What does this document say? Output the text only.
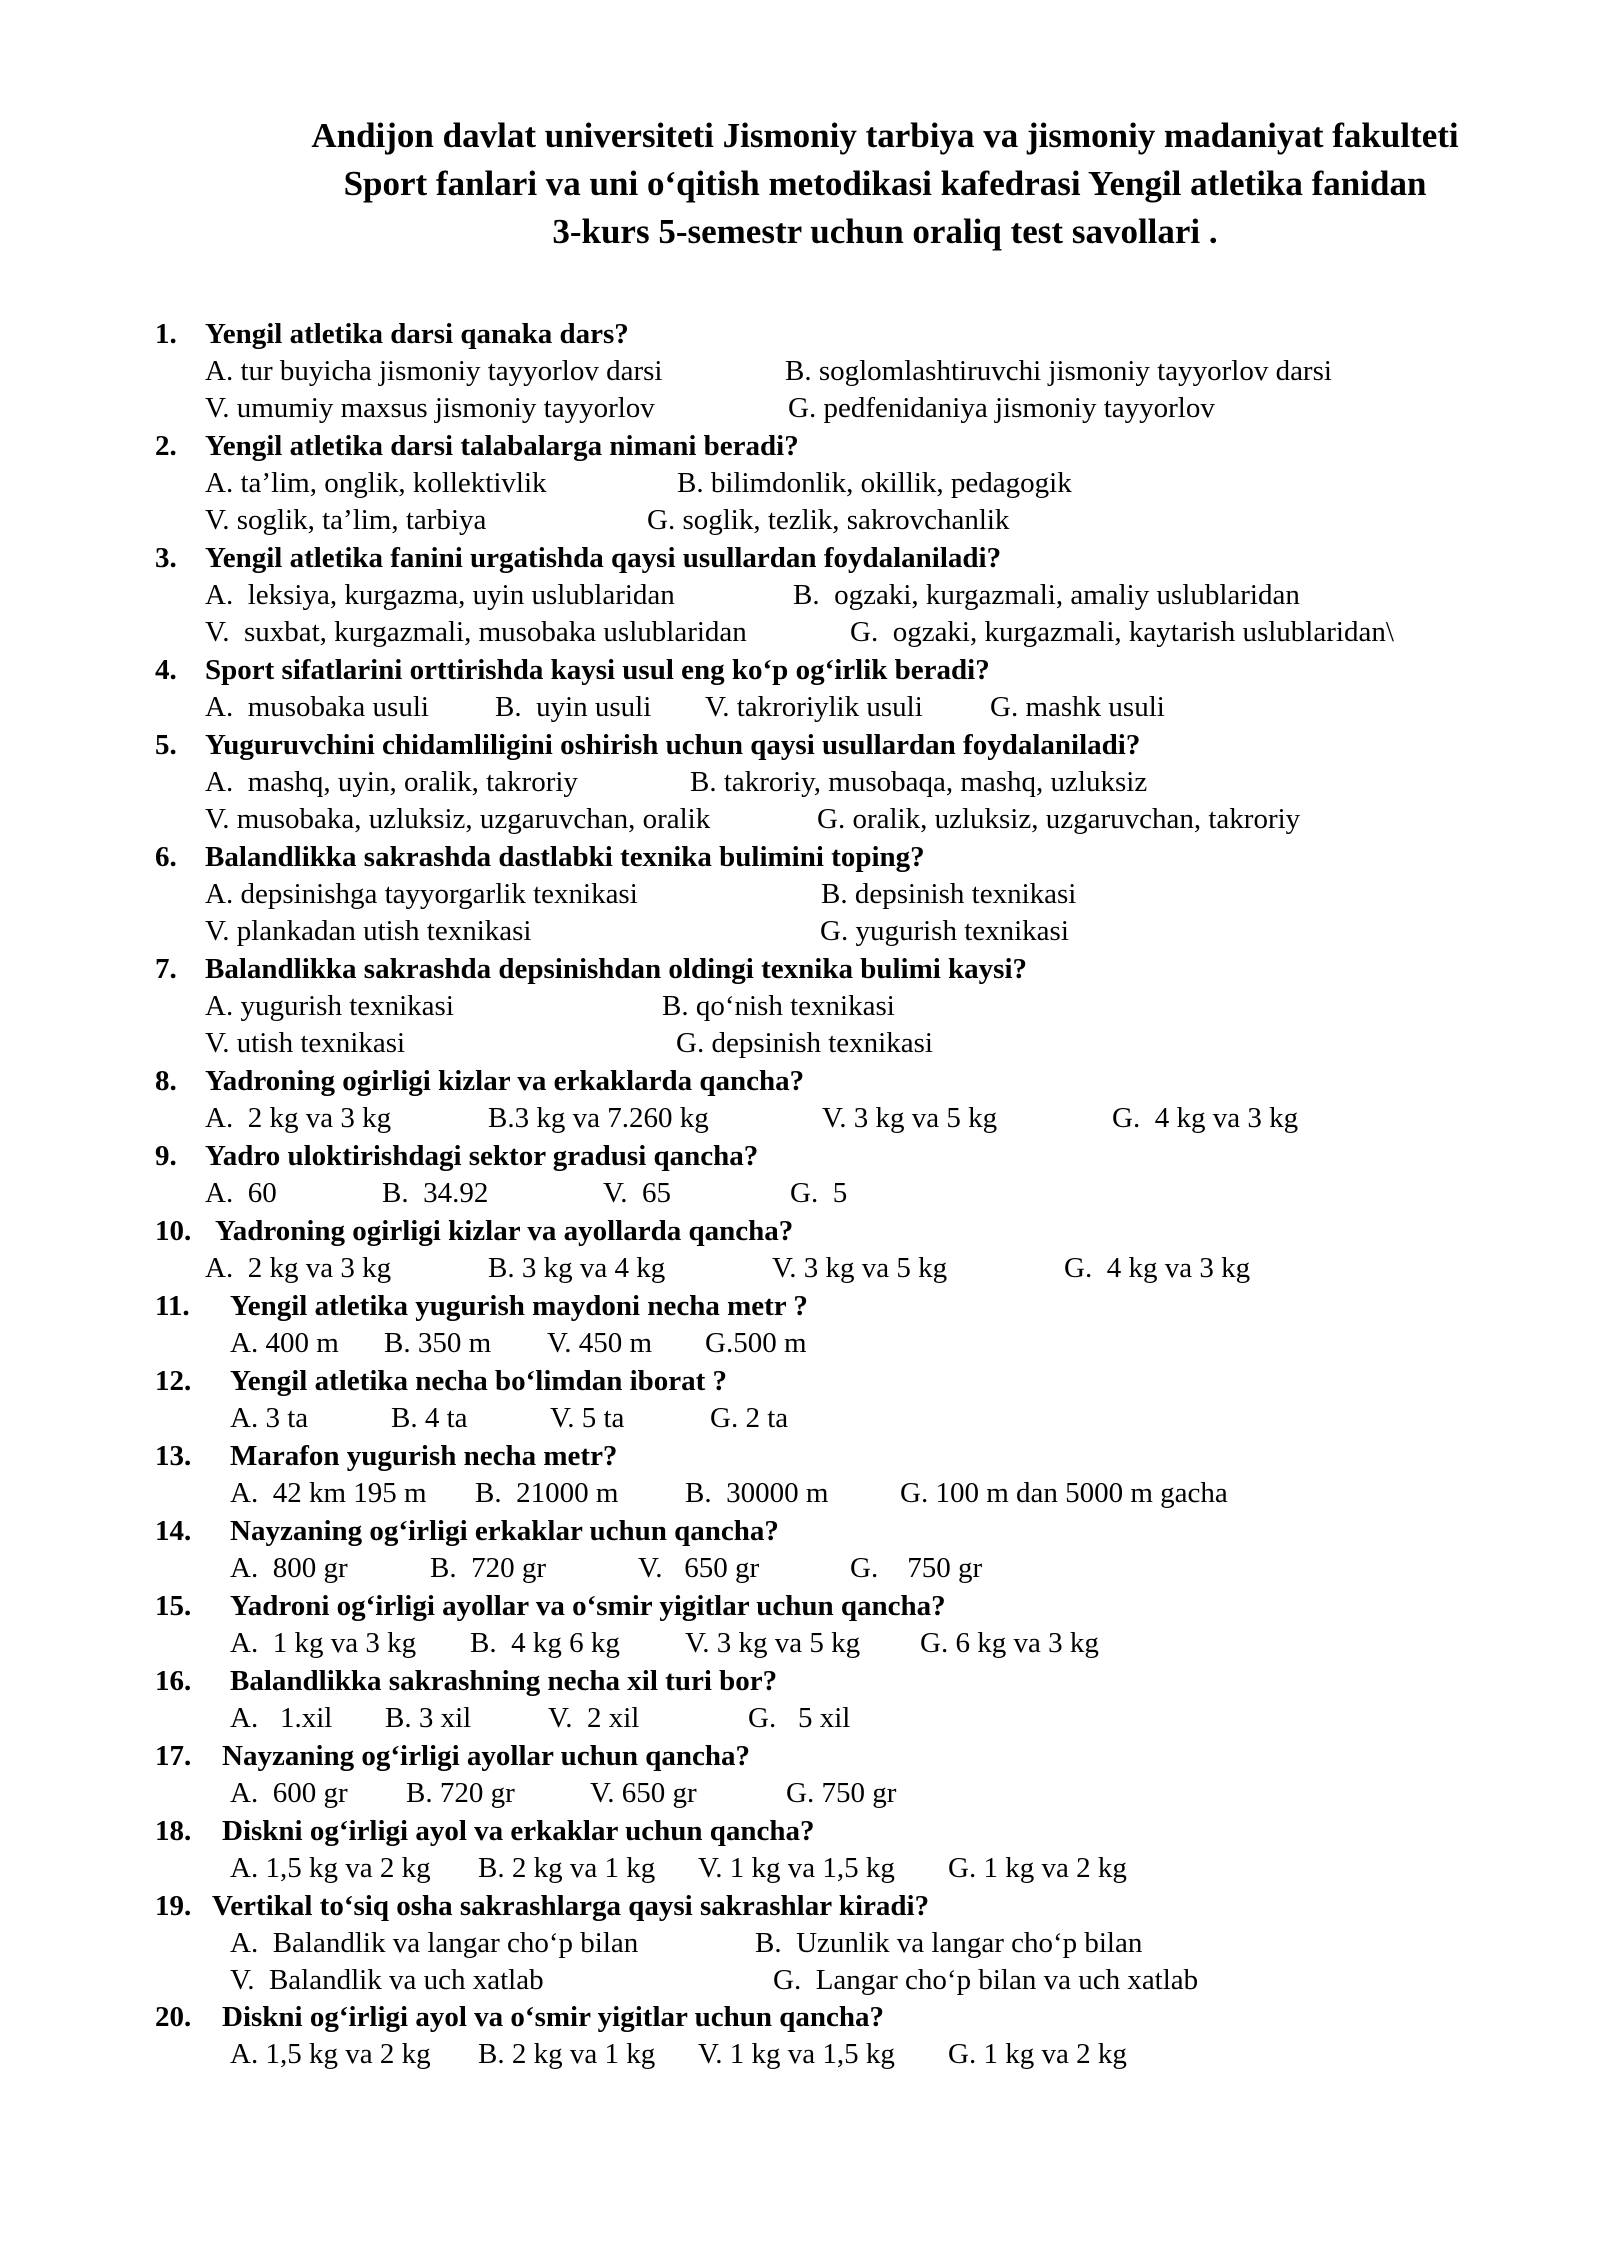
Andijon davlat universiteti Jismoniy tarbiya va jismoniy madaniyat fakulteti
Sport fanlari va uni o‘qitish metodikasi kafedrasi Yengil atletika fanidan
3-kurs 5-semestr uchun oraliq test savollari .
1. Yengil atletika darsi qanaka dars?
A. tur buyicha jismoniy tayyorlov darsi	B. soglomlashtiruvchi jismoniy tayyorlov darsi
V. umumiy maxsus jismoniy tayyorlov	G. pedfenidaniya jismoniy tayyorlov
2. Yengil atletika darsi talabalarga nimani beradi?
A. ta’lim, onglik, kollektivlik	B. bilimdonlik, okillik, pedagogik
V. soglik, ta’lim, tarbiya	G. soglik, tezlik, sakrovchanlik
3. Yengil atletika fanini urgatishda qaysi usullardan foydalaniladi?
A.  leksiya, kurgazma, uyin uslublaridan	B.  ogzaki, kurgazmali, amaliy uslublaridan
V.  suxbat, kurgazmali, musobaka uslublaridan	G.  ogzaki, kurgazmali, kaytarish uslublaridan\
4. Sport sifatlarini orttirishda kaysi usul eng ko‘p og‘irlik beradi?
A.  musobaka usuli B.  uyin usuli V. takroriylik usuli G. mashk usuli
5. Yuguruvchini chidamliligini oshirish uchun qaysi usullardan foydalaniladi?
A.  mashq, uyin, oralik, takroriy	B. takroriy, musobaqa, mashq, uzluksiz
V. musobaka, uzluksiz, uzgaruvchan, oralik	G. oralik, uzluksiz, uzgaruvchan, takroriy
6. Balandlikka sakrashda dastlabki texnika bulimini toping?
A. depsinishga tayyorgarlik texnikasi	B. depsinish texnikasi
V. plankadan utish texnikasi	G. yugurish texnikasi
7. Balandlikka sakrashda depsinishdan oldingi texnika bulimi kaysi?
A. yugurish texnikasi	B. qo‘nish texnikasi
V. utish texnikasi	G. depsinish texnikasi
8. Yadroning ogirligi kizlar va erkaklarda qancha?
A.  2 kg va 3 kg	B.3 kg va 7.260 kg	V. 3 kg va 5 kg	G.  4 kg va 3 kg
9. Yadro uloktirishdagi sektor gradusi qancha?
A.  60	B.  34.92	V.  65	G.  5
10. Yadroning ogirligi kizlar va ayollarda qancha?
A.  2 kg va 3 kg	B. 3 kg va 4 kg	V. 3 kg va 5 kg	G.  4 kg va 3 kg
11. Yengil atletika yugurish maydoni necha metr ?
A. 400 m B. 350 m V. 450 m G.500 m
12. Yengil atletika necha bo‘limdan iborat ?
A. 3 ta	B. 4 ta	V. 5 ta	G. 2 ta
13. Marafon yugurish necha metr?
A.  42 km 195 m B.  21000 m B.  30000 m G. 100 m dan 5000 m gacha
14. Nayzaning og‘irligi erkaklar uchun qancha?
A.  800 gr	B.  720 gr	V.   650 gr	G.    750 gr
15. Yadroni og‘irligi ayollar va o‘smir yigitlar uchun qancha?
A.  1 kg va 3 kg B.  4 kg 6 kg V. 3 kg va 5 kg G. 6 kg va 3 kg
16. Balandlikka sakrashning necha xil turi bor?
A.   1.xil B. 3 xil	V.  2 xil	G.   5 xil
17. Nayzaning og‘irligi ayollar uchun qancha?
A.  600 gr B. 720 gr	V. 650 gr	G. 750 gr
18. Diskni og‘irligi ayol va erkaklar uchun qancha?
A. 1,5 kg va 2 kg B. 2 kg va 1 kg V. 1 kg va 1,5 kg G. 1 kg va 2 kg
19. Vertikal to‘siq osha sakrashlarga qaysi sakrashlar kiradi?
A.  Balandlik va langar cho‘p bilan	B.  Uzunlik va langar cho‘p bilan
V.  Balandlik va uch xatlab	G.  Langar cho‘p bilan va uch xatlab
20. Diskni og‘irligi ayol va o‘smir yigitlar uchun qancha?
A. 1,5 kg va 2 kg B. 2 kg va 1 kg V. 1 kg va 1,5 kg G. 1 kg va 2 kg
